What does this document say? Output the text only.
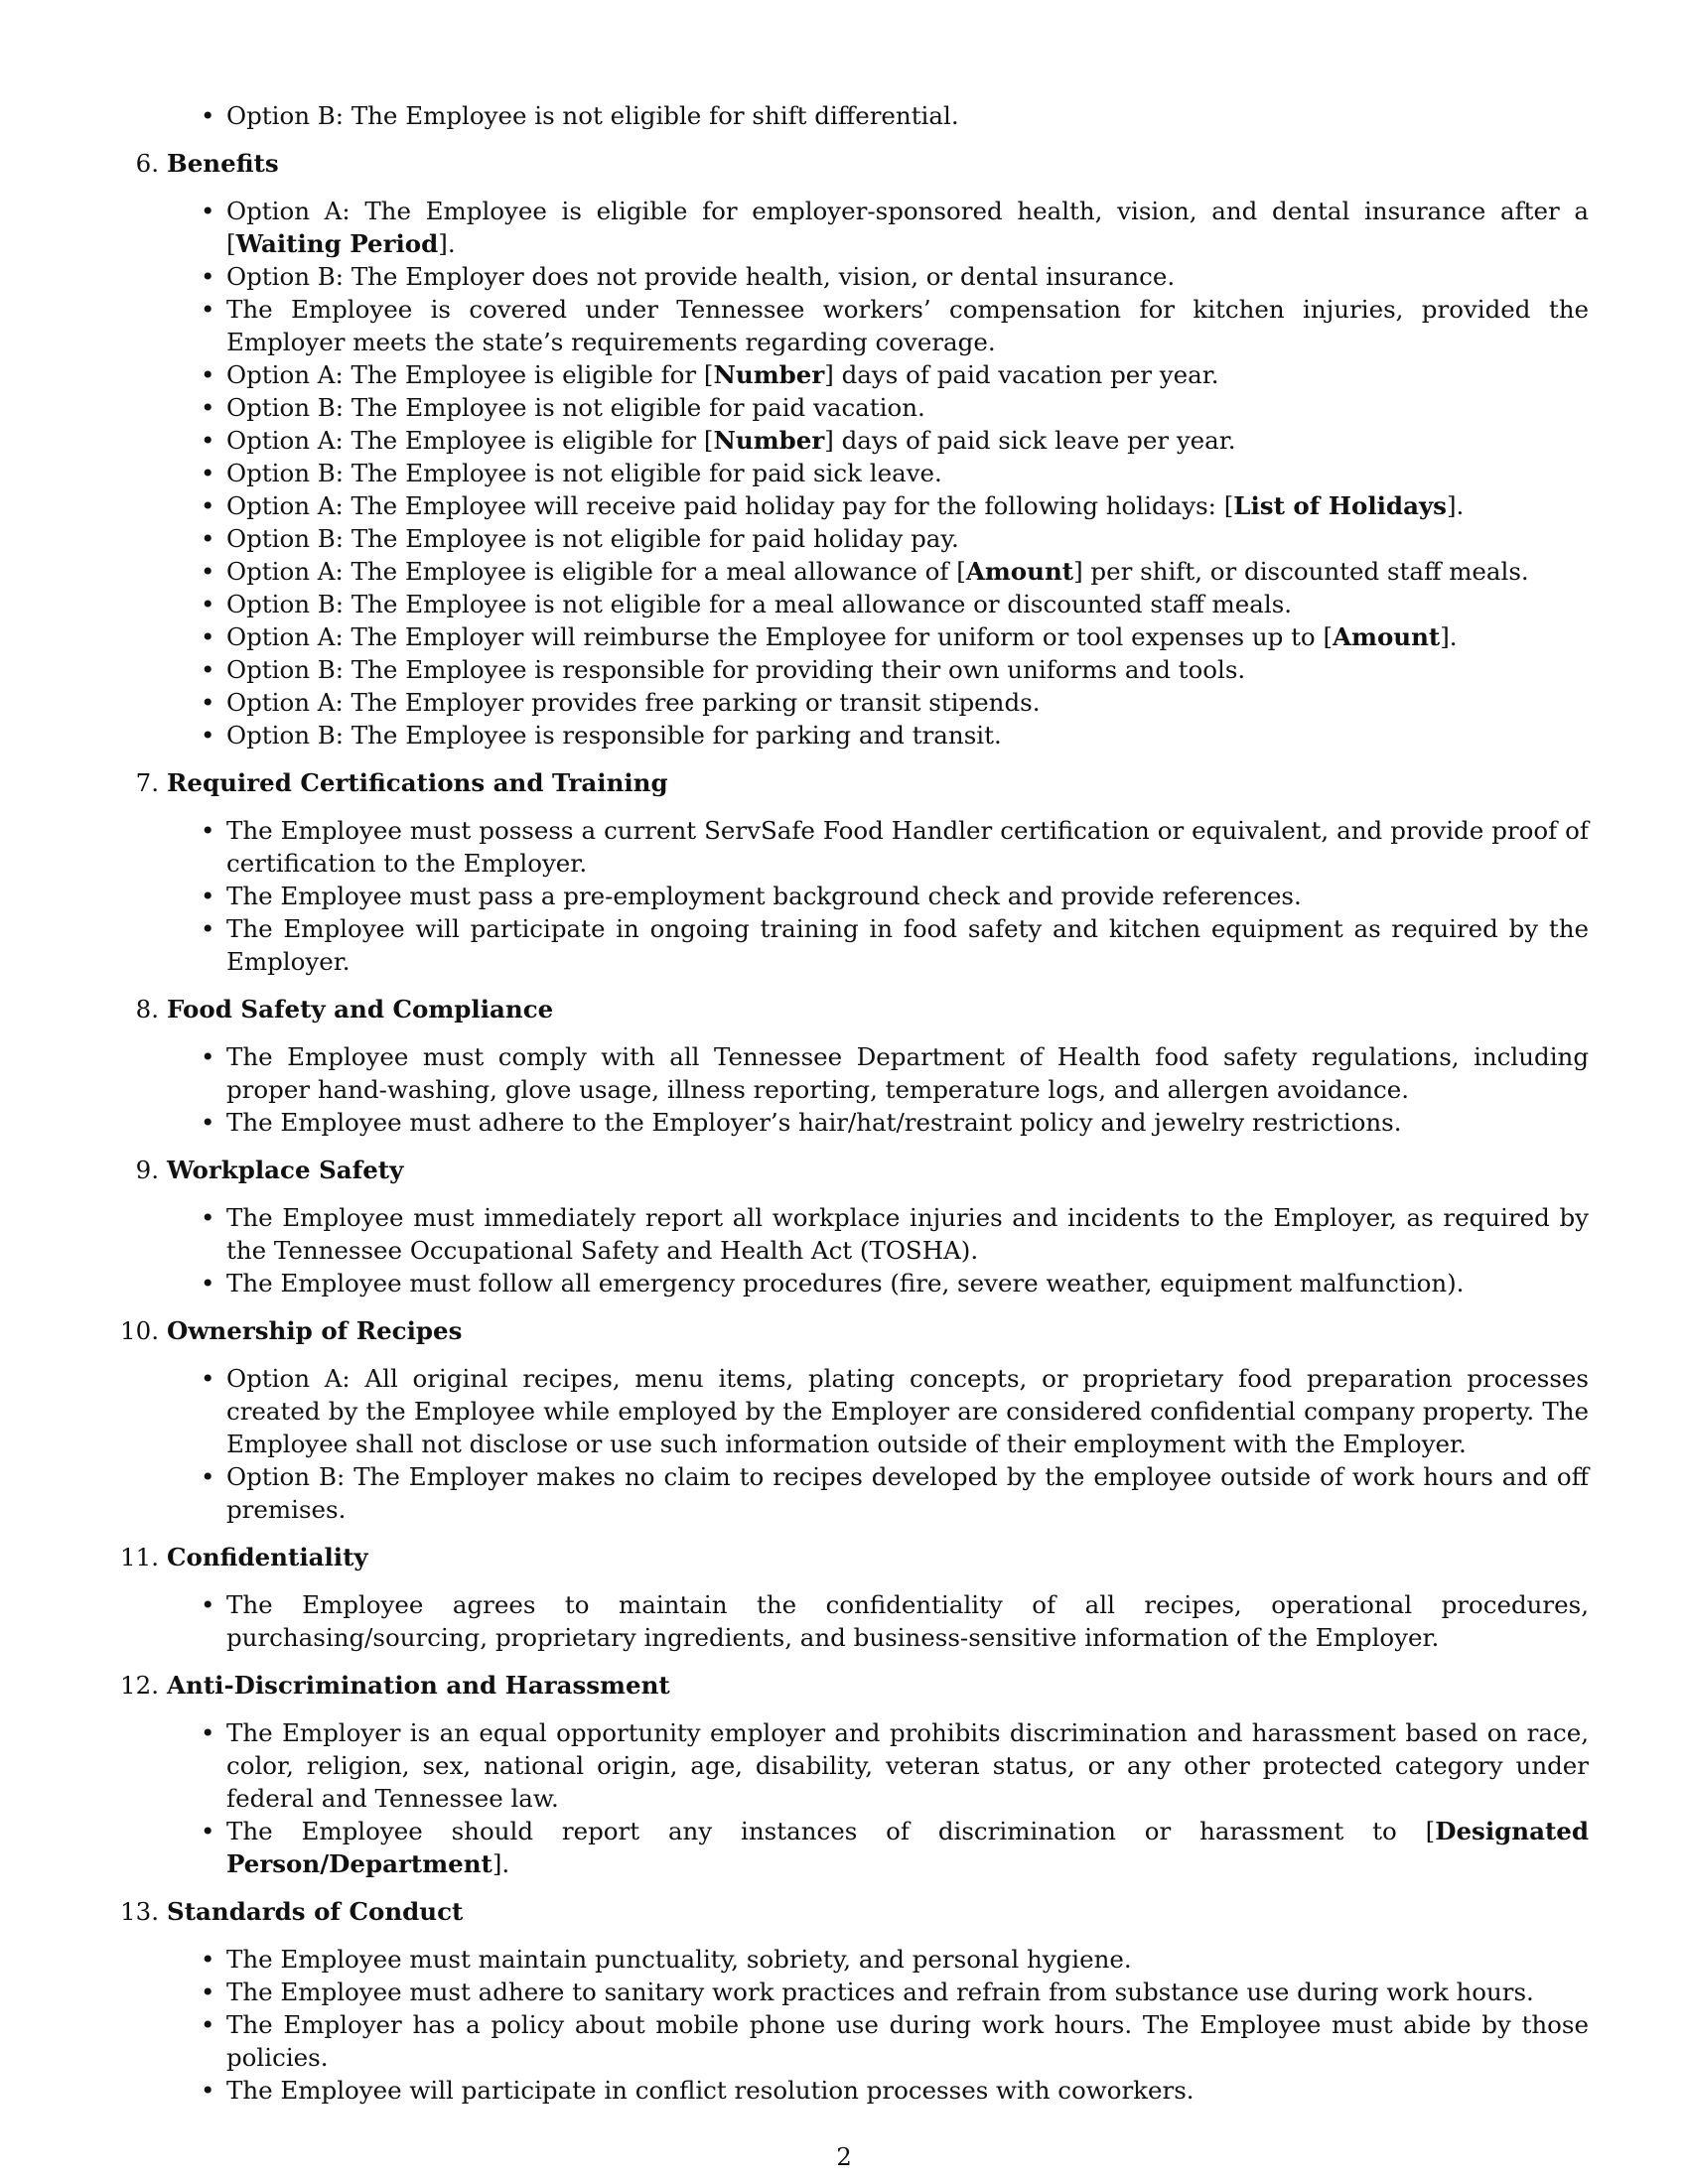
• Option B: The Employee is not eligible for shift differential.
6. Benefits
• Option A: The Employee is eligible for employer-sponsored health, vision, and dental insurance after a [Waiting Period].
• Option B: The Employer does not provide health, vision, or dental insurance.
• The Employee is covered under Tennessee workers’ compensation for kitchen injuries, provided the Employer meets the state’s requirements regarding coverage.
• Option A: The Employee is eligible for [Number] days of paid vacation per year.
• Option B: The Employee is not eligible for paid vacation.
• Option A: The Employee is eligible for [Number] days of paid sick leave per year.
• Option B: The Employee is not eligible for paid sick leave.
• Option A: The Employee will receive paid holiday pay for the following holidays: [List of Holidays].
• Option B: The Employee is not eligible for paid holiday pay.
• Option A: The Employee is eligible for a meal allowance of [Amount] per shift, or discounted staff meals.
• Option B: The Employee is not eligible for a meal allowance or discounted staff meals.
• Option A: The Employer will reimburse the Employee for uniform or tool expenses up to [Amount].
• Option B: The Employee is responsible for providing their own uniforms and tools.
• Option A: The Employer provides free parking or transit stipends.
• Option B: The Employee is responsible for parking and transit.
7. Required Certifications and Training
• The Employee must possess a current ServSafe Food Handler certification or equivalent, and provide proof of certification to the Employer.
• The Employee must pass a pre-employment background check and provide references.
• The Employee will participate in ongoing training in food safety and kitchen equipment as required by the Employer.
8. Food Safety and Compliance
• The Employee must comply with all Tennessee Department of Health food safety regulations, including proper hand-washing, glove usage, illness reporting, temperature logs, and allergen avoidance.
• The Employee must adhere to the Employer’s hair/hat/restraint policy and jewelry restrictions.
9. Workplace Safety
• The Employee must immediately report all workplace injuries and incidents to the Employer, as required by the Tennessee Occupational Safety and Health Act (TOSHA).
• The Employee must follow all emergency procedures (fire, severe weather, equipment malfunction).
10. Ownership of Recipes
• Option A: All original recipes, menu items, plating concepts, or proprietary food preparation processes created by the Employee while employed by the Employer are considered confidential company property. The Employee shall not disclose or use such information outside of their employment with the Employer.
• Option B: The Employer makes no claim to recipes developed by the employee outside of work hours and off premises.
11. Confidentiality
• The Employee agrees to maintain the confidentiality of all recipes, operational procedures, purchasing/sourcing, proprietary ingredients, and business-sensitive information of the Employer.
12. Anti-Discrimination and Harassment
• The Employer is an equal opportunity employer and prohibits discrimination and harassment based on race, color, religion, sex, national origin, age, disability, veteran status, or any other protected category under federal and Tennessee law.
• The Employee should report any instances of discrimination or harassment to [Designated Person/Department].
13. Standards of Conduct
• The Employee must maintain punctuality, sobriety, and personal hygiene.
• The Employee must adhere to sanitary work practices and refrain from substance use during work hours.
• The Employer has a policy about mobile phone use during work hours. The Employee must abide by those policies.
• The Employee will participate in conflict resolution processes with coworkers.
2
